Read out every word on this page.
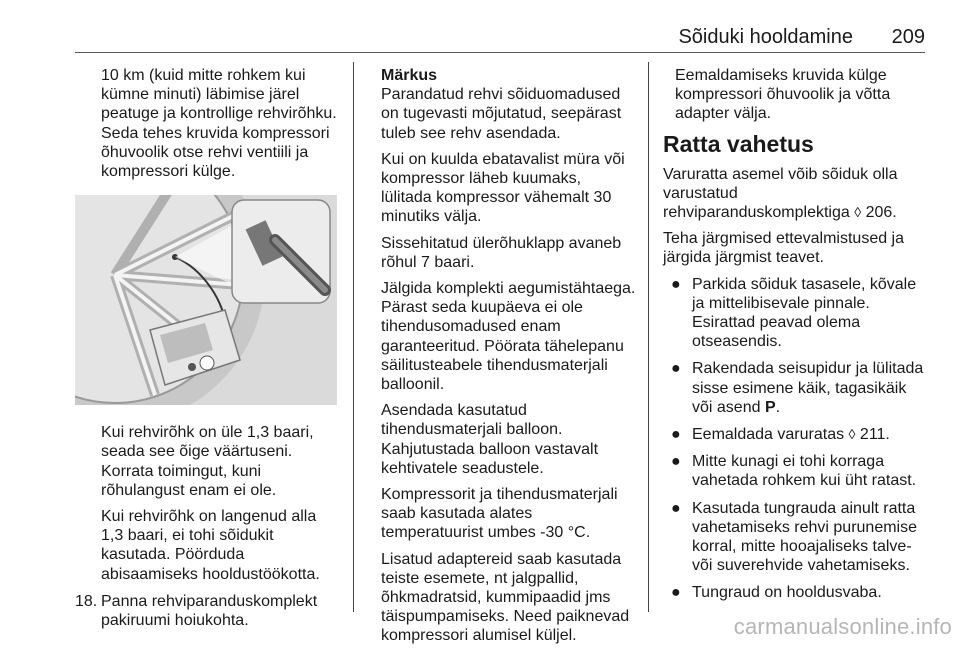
Sõiduki hooldamine 209

10 km (kuid mitte rohkem kui kümne minuti) läbimise järel peatuge ja kontrollige rehvirõhku. Seda tehes kruvida kompressori õhuvoolik otse rehvi ventiili ja kompressori külge.

Kui rehvirõhk on üle 1,3 baari, seada see õige väärtuseni. Korrata toimingut, kuni rõhulangust enam ei ole.

Kui rehvirõhk on langenud alla 1,3 baari, ei tohi sõidukit kasutada. Pöörduda abisaamiseks hooldustöökotta.

18. Panna rehviparanduskomplekt pakiruumi hoiukohta.
Märkus

Parandatud rehvi sõiduomadused on tugevasti mõjutatud, seepärast tuleb see rehv asendada.

Kui on kuulda ebatavalist müra või kompressor läheb kuumaks, lülitada kompressor vähemalt 30 minutiks välja.

Sissehitatud ülerõhuklapp avaneb rõhul 7 baari.

Jälgida komplekti aegumistähtaega. Pärast seda kuupäeva ei ole tihendusomadused enam garanteeritud. Pöörata tähelepanu säilitusteabele tihendusmaterjali balloonil.

Asendada kasutatud tihendusmaterjali balloon. Kahjutustada balloon vastavalt kehtivatele seadustele.

Kompressorit ja tihendusmaterjali saab kasutada alates temperatuurist umbes -30 °C.

Lisatud adaptereid saab kasutada teiste esemete, nt jalgpallid, õhkmadratsid, kummipaadid jms täispumpamiseks. Need paiknevad kompressori alumisel küljel.

Eemaldamiseks kruvida külge kompressori õhuvoolik ja võtta adapter välja.

Ratta vahetus

Varuratta asemel võib sõiduk olla varustatud rehviparanduskomplektiga ◊ 206.

Teha järgmised ettevalmistused ja järgida järgmist teavet.

● Parkida sõiduk tasasele, kõvale ja mittelibisevale pinnale. Esirattad peavad olema otseasendis.
● Rakendada seisupidur ja lülitada sisse esimene käik, tagasikäik või asend P.
● Eemaldada varuratas ◊ 211.
● Mitte kunagi ei tohi korraga vahetada rohkem kui üht ratast.
● Kasutada tungrauda ainult ratta vahetamiseks rehvi purunemise korral, mitte hooajaliseks talve- või suverehvide vahetamiseks.
● Tungraud on hooldusvaba.
carmanualsonline.info
